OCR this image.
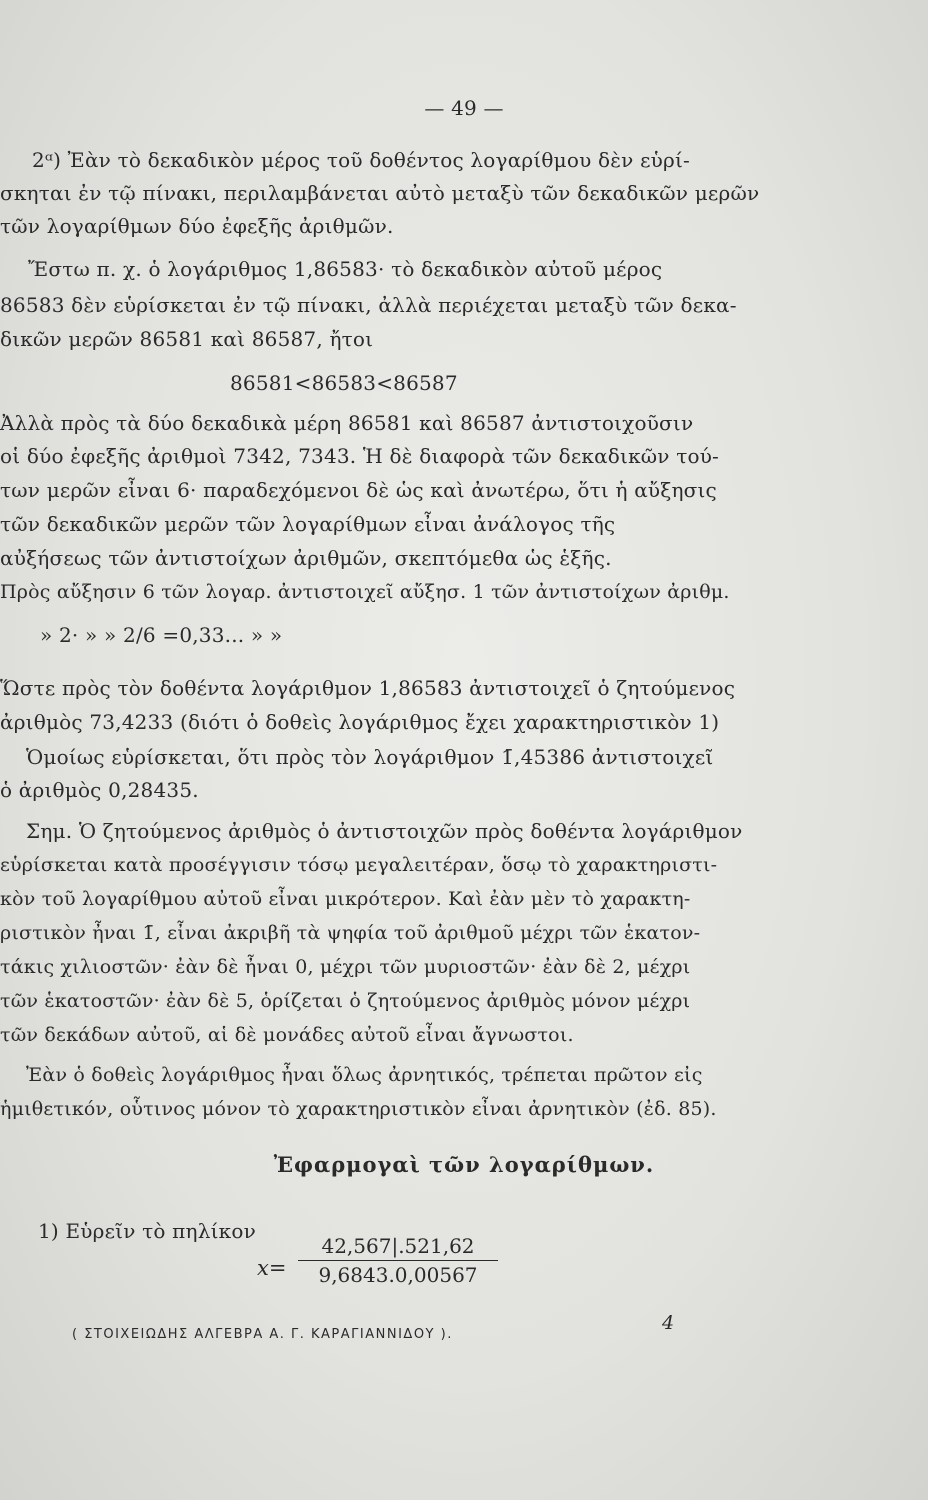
— 49 —
2ᵅ) Ἐὰν τὸ δεκαδικὸν μέρος τοῦ δοθέντος λογαρίθμου δὲν εὑρί-
σκηται ἐν τῷ πίνακι, περιλαμβάνεται αὐτὸ μεταξὺ τῶν δεκαδικῶν μερῶν
τῶν λογαρίθμων δύο ἐφεξῆς ἀριθμῶν.
Ἔστω π. χ. ὁ λογάριθμος 1,86583· τὸ δεκαδικὸν αὐτοῦ μέρος
86583 δὲν εὑρίσκεται ἐν τῷ πίνακι, ἀλλὰ περιέχεται μεταξὺ τῶν δεκα-
δικῶν μερῶν 86581 καὶ 86587, ἤτοι
86581<86583<86587
Ἀλλὰ πρὸς τὰ δύο δεκαδικὰ μέρη 86581 καὶ 86587 ἀντιστοιχοῦσιν
οἱ δύο ἐφεξῆς ἀριθμοὶ 7342, 7343. Ἡ δὲ διαφορὰ τῶν δεκαδικῶν τού-
των μερῶν εἶναι 6· παραδεχόμενοι δὲ ὡς καὶ ἀνωτέρω, ὅτι ἡ αὔξησις
τῶν δεκαδικῶν μερῶν τῶν λογαρίθμων εἶναι ἀνάλογος τῆς
αὐξήσεως τῶν ἀντιστοίχων ἀριθμῶν, σκεπτόμεθα ὡς ἑξῆς.
Πρὸς αὔξησιν 6 τῶν λογαρ. ἀντιστοιχεῖ αὔξησ. 1 τῶν ἀντιστοίχων ἀριθμ.
» 2· » » 2/6 =0,33... » »
Ὥστε πρὸς τὸν δοθέντα λογάριθμον 1,86583 ἀντιστοιχεῖ ὁ ζητούμενος
ἀριθμὸς 73,4233 (διότι ὁ δοθεὶς λογάριθμος ἔχει χαρακτηριστικὸν 1)
Ὁμοίως εὑρίσκεται, ὅτι πρὸς τὸν λογάριθμον 1̄,45386 ἀντιστοιχεῖ
ὁ ἀριθμὸς 0,28435.
Σημ. Ὁ ζητούμενος ἀριθμὸς ὁ ἀντιστοιχῶν πρὸς δοθέντα λογάριθμον
εὑρίσκεται κατὰ προσέγγισιν τόσῳ μεγαλειτέραν, ὅσῳ τὸ χαρακτηριστι-
κὸν τοῦ λογαρίθμου αὐτοῦ εἶναι μικρότερον. Καὶ ἐὰν μὲν τὸ χαρακτη-
ριστικὸν ἦναι 1̄, εἶναι ἀκριβῆ τὰ ψηφία τοῦ ἀριθμοῦ μέχρι τῶν ἑκατον-
τάκις χιλιοστῶν· ἐὰν δὲ ἦναι 0, μέχρι τῶν μυριοστῶν· ἐὰν δὲ 2, μέχρι
τῶν ἑκατοστῶν· ἐὰν δὲ 5, ὁρίζεται ὁ ζητούμενος ἀριθμὸς μόνον μέχρι
τῶν δεκάδων αὐτοῦ, αἱ δὲ μονάδες αὐτοῦ εἶναι ἄγνωστοι.
Ἐὰν ὁ δοθεὶς λογάριθμος ἦναι ὅλως ἀρνητικός, τρέπεται πρῶτον εἰς
ἡμιθετικόν, οὗτινος μόνον τὸ χαρακτηριστικὸν εἶναι ἀρνητικὸν (ἐδ. 85).
Ἐφαρμογαὶ τῶν λογαρίθμων.
1) Εὑρεῖν τὸ πηλίκον
x=
42,567|.521,62
9,6843.0,00567
( ΣΤΟΙΧΕΙΩΔΗΣ ΑΛΓΕΒΡΑ Α. Γ. ΚΑΡΑΓΙΑΝΝΙΔΟΥ ).
4
